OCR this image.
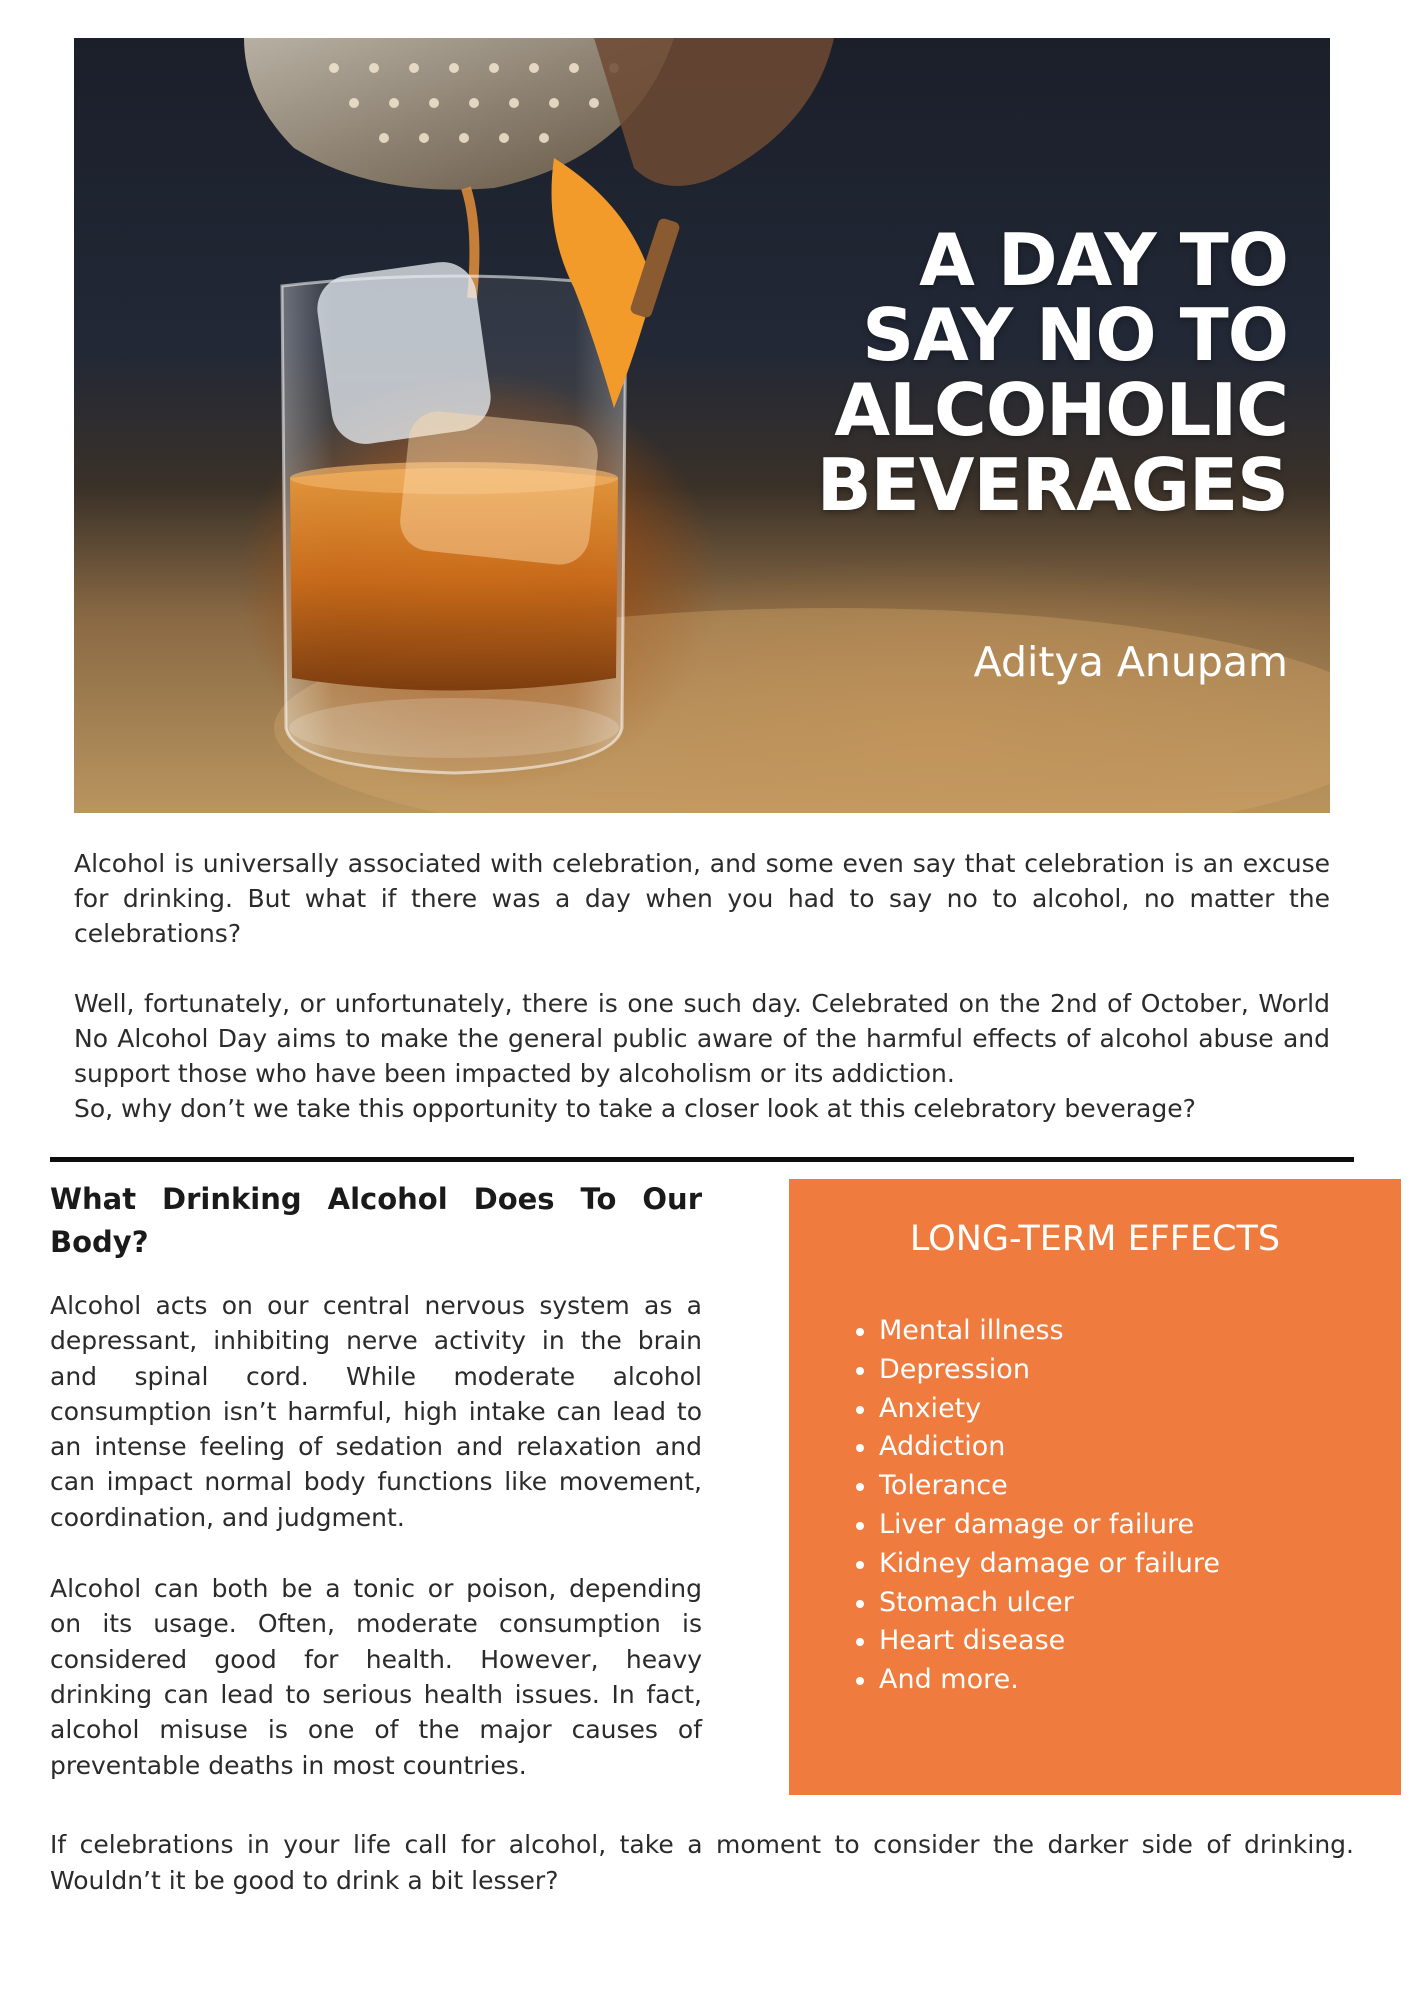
A DAY TO
SAY NO TO
ALCOHOLIC
BEVERAGES
Aditya Anupam

Alcohol is universally associated with celebration, and some even say that celebration is an excuse for drinking. But what if there was a day when you had to say no to alcohol, no matter the celebrations?

Well, fortunately, or unfortunately, there is one such day. Celebrated on the 2nd of October, World No Alcohol Day aims to make the general public aware of the harmful effects of alcohol abuse and support those who have been impacted by alcoholism or its addiction.

So, why don’t we take this opportunity to take a closer look at this celebratory beverage?

What Drinking Alcohol Does To Our Body?

Alcohol acts on our central nervous system as a depressant, inhibiting nerve activity in the brain and spinal cord. While moderate alcohol consumption isn’t harmful, high intake can lead to an intense feeling of sedation and relaxation and can impact normal body functions like movement, coordination, and judgment.

Alcohol can both be a tonic or poison, depending on its usage. Often, moderate consumption is considered good for health. However, heavy drinking can lead to serious health issues. In fact, alcohol misuse is one of the major causes of preventable deaths in most countries.

LONG-TERM EFFECTS
Mental illness
Depression
Anxiety
Addiction
Tolerance
Liver damage or failure
Kidney damage or failure
Stomach ulcer
Heart disease
And more.

If celebrations in your life call for alcohol, take a moment to consider the darker side of drinking. Wouldn’t it be good to drink a bit lesser?
